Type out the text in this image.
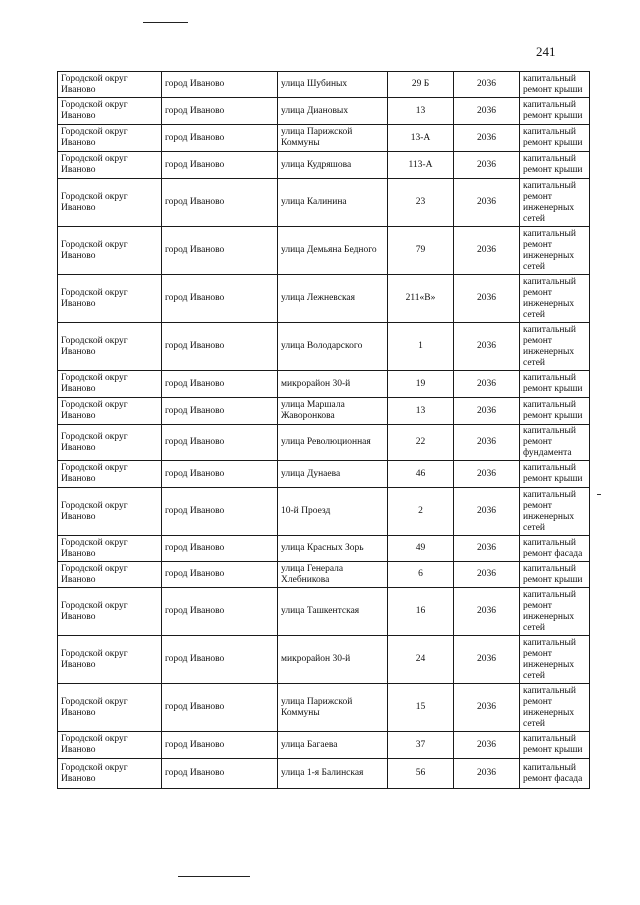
241
Городской округ Иваново	город Иваново	улица Шубиных	29 Б	2036	капитальный ремонт крыши
Городской округ Иваново	город Иваново	улица Диановых	13	2036	капитальный ремонт крыши
Городской округ Иваново	город Иваново	улица Парижской Коммуны	13-А	2036	капитальный ремонт крыши
Городской округ Иваново	город Иваново	улица Кудряшова	113-А	2036	капитальный ремонт крыши
Городской округ Иваново	город Иваново	улица Калинина	23	2036	капитальный ремонт инженерных сетей
Городской округ Иваново	город Иваново	улица Демьяна Бедного	79	2036	капитальный ремонт инженерных сетей
Городской округ Иваново	город Иваново	улица Лежневская	211«В»	2036	капитальный ремонт инженерных сетей
Городской округ Иваново	город Иваново	улица Володарского	1	2036	капитальный ремонт инженерных сетей
Городской округ Иваново	город Иваново	микрорайон 30-й	19	2036	капитальный ремонт крыши
Городской округ Иваново	город Иваново	улица Маршала Жаворонкова	13	2036	капитальный ремонт крыши
Городской округ Иваново	город Иваново	улица Революционная	22	2036	капитальный ремонт фундамента
Городской округ Иваново	город Иваново	улица Дунаева	46	2036	капитальный ремонт крыши
Городской округ Иваново	город Иваново	10-й Проезд	2	2036	капитальный ремонт инженерных сетей
Городской округ Иваново	город Иваново	улица Красных Зорь	49	2036	капитальный ремонт фасада
Городской округ Иваново	город Иваново	улица Генерала Хлебникова	6	2036	капитальный ремонт крыши
Городской округ Иваново	город Иваново	улица Ташкентская	16	2036	капитальный ремонт инженерных сетей
Городской округ Иваново	город Иваново	микрорайон 30-й	24	2036	капитальный ремонт инженерных сетей
Городской округ Иваново	город Иваново	улица Парижской Коммуны	15	2036	капитальный ремонт инженерных сетей
Городской округ Иваново	город Иваново	улица Багаева	37	2036	капитальный ремонт крыши
Городской округ Иваново	город Иваново	улица 1-я Балинская	56	2036	капитальный ремонт фасада
